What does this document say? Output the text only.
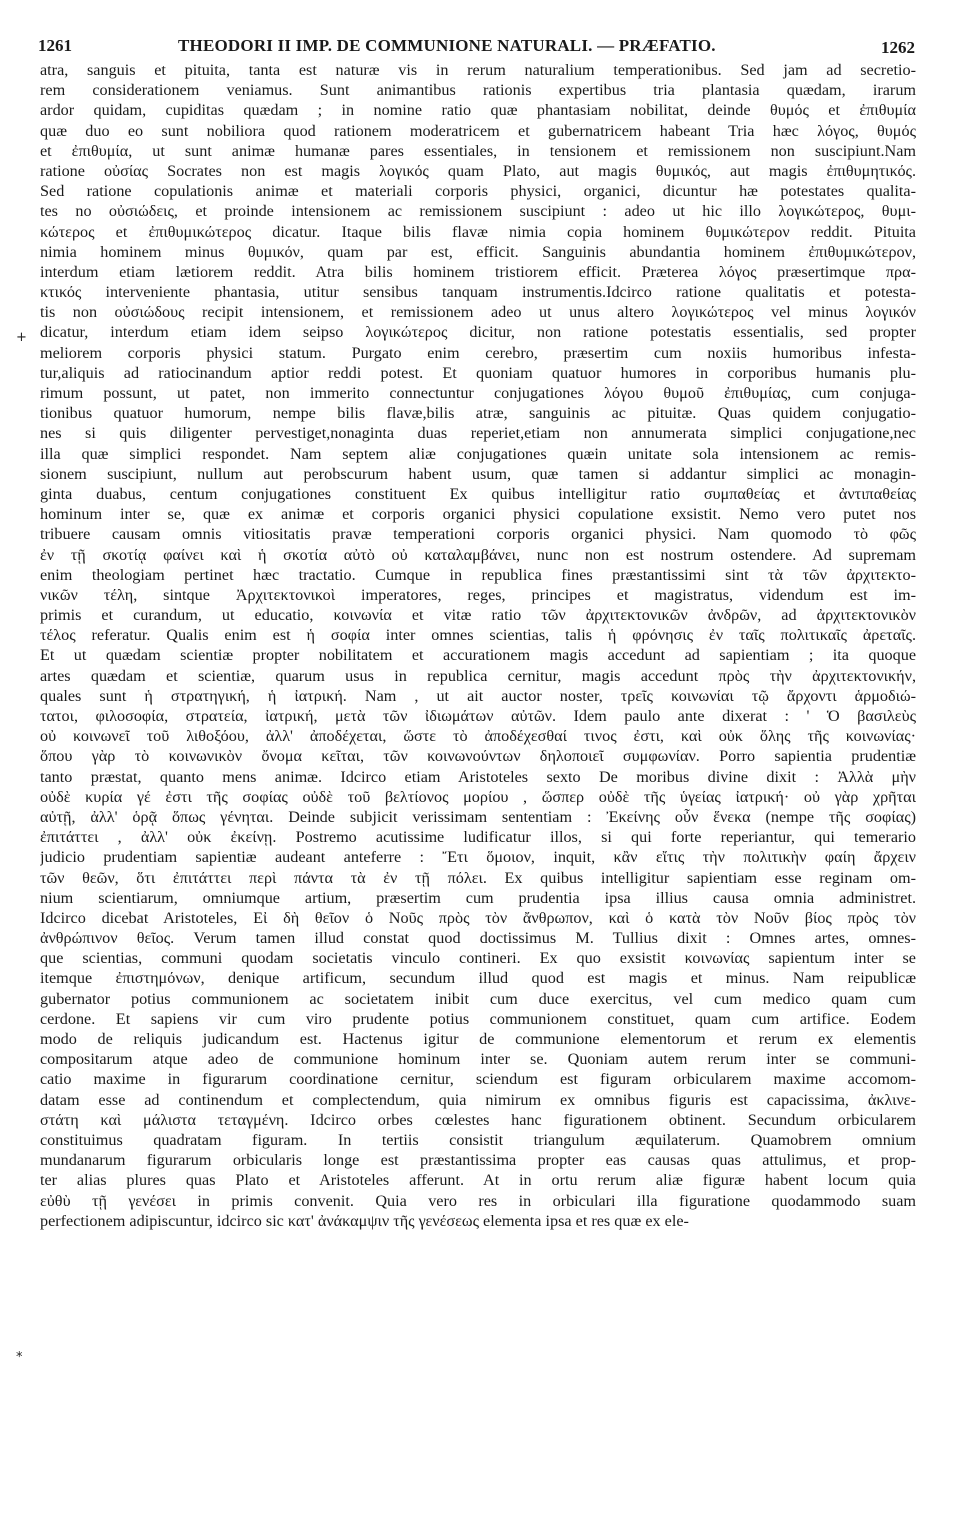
1261	THEODORI II IMP. DE COMMUNIONE NATURALI. — PRÆFATIO.	1262
+
*
atra, sanguis et pituita, tanta est naturæ vis in rerum naturalium temperationibus. Sed jam ad secretio-
rem considerationem veniamus. Sunt animantibus rationis expertibus tria plantasia quædam, irarum
ardor quidam, cupiditas quædam ; in nomine ratio quæ phantasiam nobilitat, deinde θυμός et ἐπιθυμία
quæ duo eo sunt nobiliora quod rationem moderatricem et gubernatricem habeant Tria hæc λόγος, θυμός
et ἐπιθυμία, ut sunt animæ humanæ pares essentiales, in tensionem et remissionem non suscipiunt.Nam
ratione οὐσίας Socrates non est magis λογικός quam Plato, aut magis θυμικός, aut magis ἐπιθυμητικός.
Sed ratione copulationis animæ et materiali corporis physici, organici, dicuntur hæ potestates qualita-
tes no οὐσιώδεις, et proinde intensionem ac remissionem suscipiunt : adeo ut hic illo λογικώτερος, θυμι-
κώτερος et ἐπιθυμικώτερος dicatur. Itaque bilis flavæ nimia copia hominem θυμικώτερον reddit. Pituita
nimia hominem minus θυμικόν, quam par est, efficit. Sanguinis abundantia hominem ἐπιθυμικώτερον,
interdum etiam lætiorem reddit. Atra bilis hominem tristiorem efficit. Præterea λόγος præsertimque πρα-
κτικός interveniente phantasia, utitur sensibus tanquam instrumentis.Idcirco ratione qualitatis et potesta-
tis non οὐσιώδους recipit intensionem, et remissionem adeo ut unus altero λογικώτερος vel minus λογικόν
dicatur, interdum etiam idem seipso λογικώτερος dicitur, non ratione potestatis essentialis, sed propter
meliorem corporis physici statum. Purgato enim cerebro, præsertim cum noxiis humoribus infesta-
tur,aliquis ad ratiocinandum aptior reddi potest. Et quoniam quatuor humores in corporibus humanis plu-
rimum possunt, ut patet, non immerito connectuntur conjugationes λόγου θυμοῦ ἐπιθυμίας, cum conjuga-
tionibus quatuor humorum, nempe bilis flavæ,bilis atræ, sanguinis ac pituitæ. Quas quidem conjugatio-
nes si quis diligenter pervestiget,nonaginta duas reperiet,etiam non annumerata simplici conjugatione,nec
illa quæ simplici respondet. Nam septem aliæ conjugationes quæin unitate sola intensionem ac remis-
sionem suscipiunt, nullum aut perobscurum habent usum, quæ tamen si addantur simplici ac monagin-
ginta duabus, centum conjugationes constituent Ex quibus intelligitur ratio συμπαθείας et ἀντιπαθείας
hominum inter se, quæ ex animæ et corporis organici physici copulatione exsistit. Nemo vero putet nos
tribuere causam omnis vitiositatis pravæ temperationi corporis organici physici. Nam quomodo τὸ φῶς
ἐν τῇ σκοτίᾳ φαίνει καὶ ἡ σκοτία αὐτὸ οὐ καταλαμβάνει, nunc non est nostrum ostendere. Ad supremam
enim theologiam pertinet hæc tractatio. Cumque in republica fines præstantissimi sint τὰ τῶν ἀρχιτεκτο-
νικῶν τέλη, sintque Ἀρχιτεκτονικοὶ imperatores, reges, principes et magistratus, videndum est im-
primis et curandum, ut educatio, κοινωνία et vitæ ratio τῶν ἀρχιτεκτονικῶν ἀνδρῶν, ad ἀρχιτεκτονικὸν
τέλος referatur. Qualis enim est ἡ σοφία inter omnes scientias, talis ἡ φρόνησις ἐν ταῖς πολιτικαῖς ἀρεταῖς.
Et ut quædam scientiæ propter nobilitatem et accurationem magis accedunt ad sapientiam ; ita quoque
artes quædam et scientiæ, quarum usus in republica cernitur, magis accedunt πρὸς τὴν ἀρχιτεκτονικήν,
quales sunt ἡ στρατηγική, ἡ ἰατρική. Nam , ut ait auctor noster, τρεῖς κοινωνίαι τῷ ἄρχοντι ἁρμοδιώ-
τατοι, φιλοσοφία, στρατεία, ἰατρική, μετὰ τῶν ἰδιωμάτων αὐτῶν. Idem paulo ante dixerat : ' Ὁ βασιλεὺς
οὐ κοινωνεῖ τοῦ λιθοξόου, ἀλλ' ἀποδέχεται, ὥστε τὸ ἀποδέχεσθαί τινος ἐστι, καὶ οὐκ ὅλης τῆς κοινωνίας·
ὅπου γὰρ τὸ κοινωνικὸν ὄνομα κεῖται, τῶν κοινωνούντων δηλοποιεῖ συμφωνίαν. Porro sapientia prudentiæ
tanto præstat, quanto mens animæ. Idcirco etiam Aristoteles sexto De moribus divine dixit : Ἀλλὰ μὴν
οὐδὲ κυρία γέ ἐστι τῆς σοφίας οὐδὲ τοῦ βελτίονος μορίου , ὥσπερ οὐδὲ τῆς ὑγείας ἰατρική· οὐ γὰρ χρῆται
αὐτῇ, ἀλλ' ὁρᾷ ὅπως γένηται. Deinde subjicit verissimam sententiam : Ἐκείνης οὖν ἕνεκα (nempe τῆς σοφίας)
ἐπιτάττει , ἀλλ' οὐκ ἐκείνῃ. Postremo acutissime ludificatur illos, si qui forte reperiantur, qui temerario
judicio prudentiam sapientiæ audeant anteferre : Ἔτι ὅμοιον, inquit, κἂν εἴτις τὴν πολιτικὴν φαίη ἄρχειν
τῶν θεῶν, ὅτι ἐπιτάττει περὶ πάντα τὰ ἐν τῇ πόλει. Ex quibus intelligitur sapientiam esse reginam om-
nium scientiarum, omniumque artium, præsertim cum prudentia ipsa illius causa omnia administret.
Idcirco dicebat Aristoteles, Εἰ δὴ θεῖον ὁ Νοῦς πρὸς τὸν ἄνθρωπον, καὶ ὁ κατὰ τὸν Νοῦν βίος πρὸς τὸν
ἀνθρώπινον θεῖος. Verum tamen illud constat quod doctissimus M. Tullius dixit : Omnes artes, omnes-
que scientias, communi quodam societatis vinculo contineri. Ex quo exsistit κοινωνίας sapientum inter se
itemque ἐπιστημόνων, denique artificum, secundum illud quod est magis et minus. Nam reipublicæ
gubernator potius communionem ac societatem inibit cum duce exercitus, vel cum medico quam cum
cerdone. Et sapiens vir cum viro prudente potius communionem constituet, quam cum artifice. Eodem
modo de reliquis judicandum est. Hactenus igitur de communione elementorum et rerum ex elementis
compositarum atque adeo de communione hominum inter se. Quoniam autem rerum inter se communi-
catio maxime in figurarum coordinatione cernitur, sciendum est figuram orbicularem maxime accomom-
datam esse ad continendum et complectendum, quia nimirum ex omnibus figuris est capacissima, ἀκλινε-
στάτη καὶ μάλιστα τεταγμένη. Idcirco orbes cœlestes hanc figurationem obtinent. Secundum orbicularem
constituimus quadratam figuram. In tertiis consistit triangulum æquilaterum. Quamobrem omnium
mundanarum figurarum orbicularis longe est præstantissima propter eas causas quas attulimus, et prop-
ter alias plures quas Plato et Aristoteles afferunt. At in ortu rerum aliæ figuræ habent locum quia
εὐθὺ τῇ γενέσει in primis convenit. Quia vero res in orbiculari illa figuratione quodammodo suam
perfectionem adipiscuntur, idcirco sic κατ' ἀνάκαμψιν τῆς γενέσεως elementa ipsa et res quæ ex ele-
